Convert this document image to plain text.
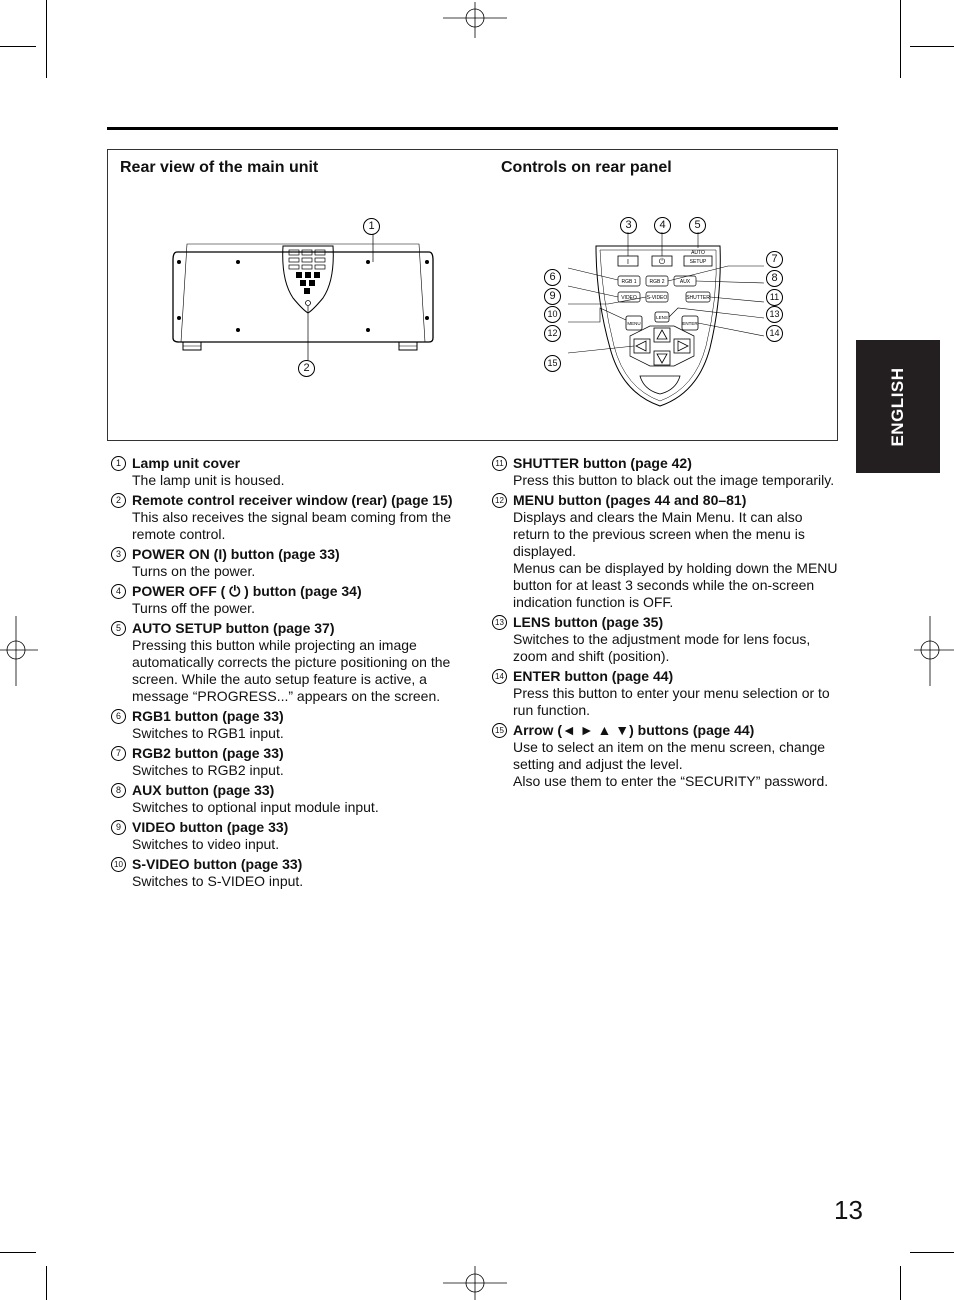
Rear view of the main unit	Controls on rear panel
1
2
I	⏻
AUTO
SETUP
RGB 1	RGB 2	AUX
VIDEO S-VIDEO	SHUTTER
MENU
LENS
ENTER
3	4	5
6
7
8
9
10
11
12
13
14
15
ENGLISH
1 Lamp unit cover
The lamp unit is housed.
2 Remote control receiver window (rear) (page 15)
This also receives the signal beam coming from the remote control.
3 POWER ON (I) button (page 33)
Turns on the power.
4 POWER OFF ( ⏻ ) button (page 34)
Turns off the power.
5 AUTO SETUP button (page 37)
Pressing this button while projecting an image automatically corrects the picture positioning on the screen. While the auto setup feature is active, a message “PROGRESS...” appears on the screen.
6 RGB1 button (page 33)
Switches to RGB1 input.
7 RGB2 button (page 33)
Switches to RGB2 input.
8 AUX button (page 33)
Switches to optional input module input.
9 VIDEO button (page 33)
Switches to video input.
10 S-VIDEO button (page 33)
Switches to S-VIDEO input.
11 SHUTTER button (page 42)
Press this button to black out the image temporarily.
12 MENU button (pages 44 and 80–81)
Displays and clears the Main Menu. It can also return to the previous screen when the menu is displayed.
Menus can be displayed by holding down the MENU button for at least 3 seconds while the on-screen indication function is OFF.
13 LENS button (page 35)
Switches to the adjustment mode for lens focus, zoom and shift (position).
14 ENTER button (page 44)
Press this button to enter your menu selection or to run function.
15 Arrow (◄ ► ▲ ▼) buttons (page 44)
Use to select an item on the menu screen, change setting and adjust the level.
Also use them to enter the “SECURITY” password.
13
